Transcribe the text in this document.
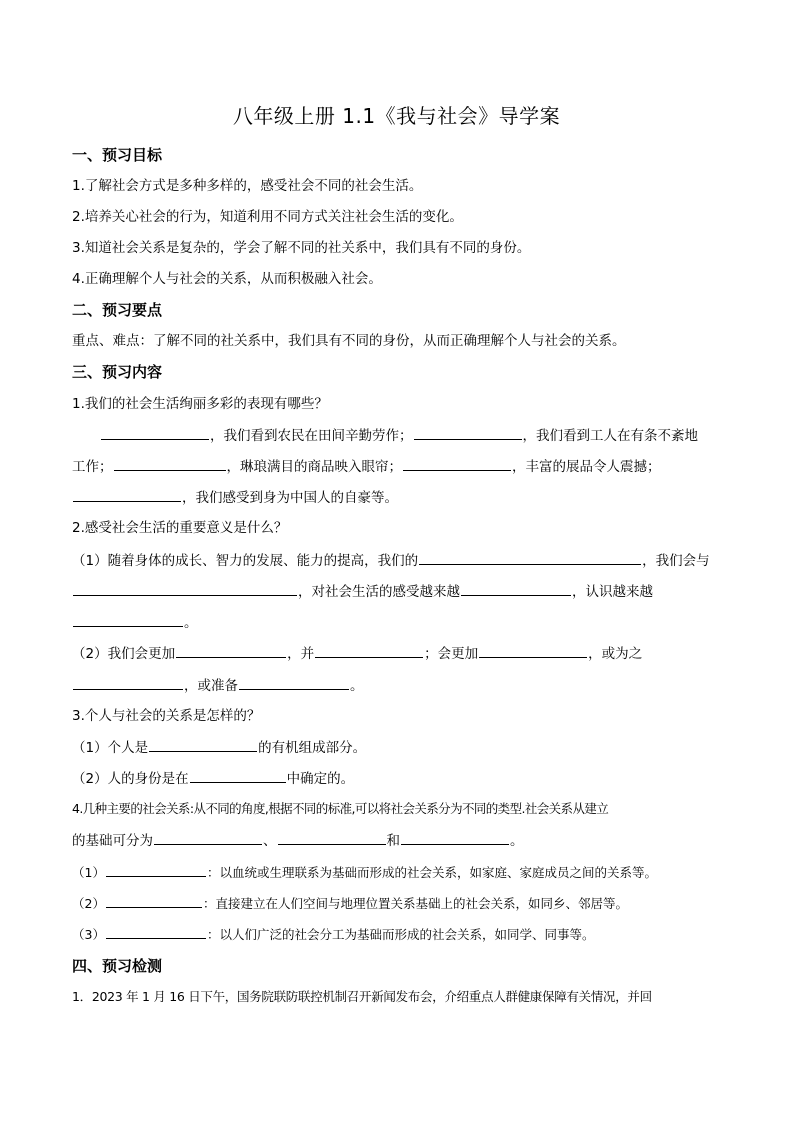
八年级上册 1.1《我与社会》导学案
一、预习目标
1.了解社会方式是多种多样的，感受社会不同的社会生活。
2.培养关心社会的行为，知道利用不同方式关注社会生活的变化。
3.知道社会关系是复杂的，学会了解不同的社关系中，我们具有不同的身份。
4.正确理解个人与社会的关系，从而积极融入社会。
二、预习要点
重点、难点：了解不同的社关系中，我们具有不同的身份，从而正确理解个人与社会的关系。
三、预习内容
1.我们的社会生活绚丽多彩的表现有哪些？
，我们看到农民在田间辛勤劳作；	，我们看到工人在有条不紊地
工作；	，琳琅满目的商品映入眼帘；	，丰富的展品令人震撼；
，我们感受到身为中国人的自豪等。
2.感受社会生活的重要意义是什么？
（1）随着身体的成长、智力的发展、能力的提高，我们的	，我们会与
，对社会生活的感受越来越	，认识越来越
。
（2）我们会更加	，并	；会更加	，或为之
，或准备	。
3.个人与社会的关系是怎样的？
（1）个人是	的有机组成部分。
（2）人的身份是在	中确定的。
4.几种主要的社会关系:从不同的角度,根据不同的标准,可以将社会关系分为不同的类型.社会关系从建立
的基础可分为	、	和	。
（1）	：以血统或生理联系为基础而形成的社会关系，如家庭、家庭成员之间的关系等。
（2）	：直接建立在人们空间与地理位置关系基础上的社会关系，如同乡、邻居等。
（3）	：以人们广泛的社会分工为基础而形成的社会关系，如同学、同事等。
四、预习检测
1．2023 年 1 月 16 日下午，国务院联防联控机制召开新闻发布会，介绍重点人群健康保障有关情况，并回
